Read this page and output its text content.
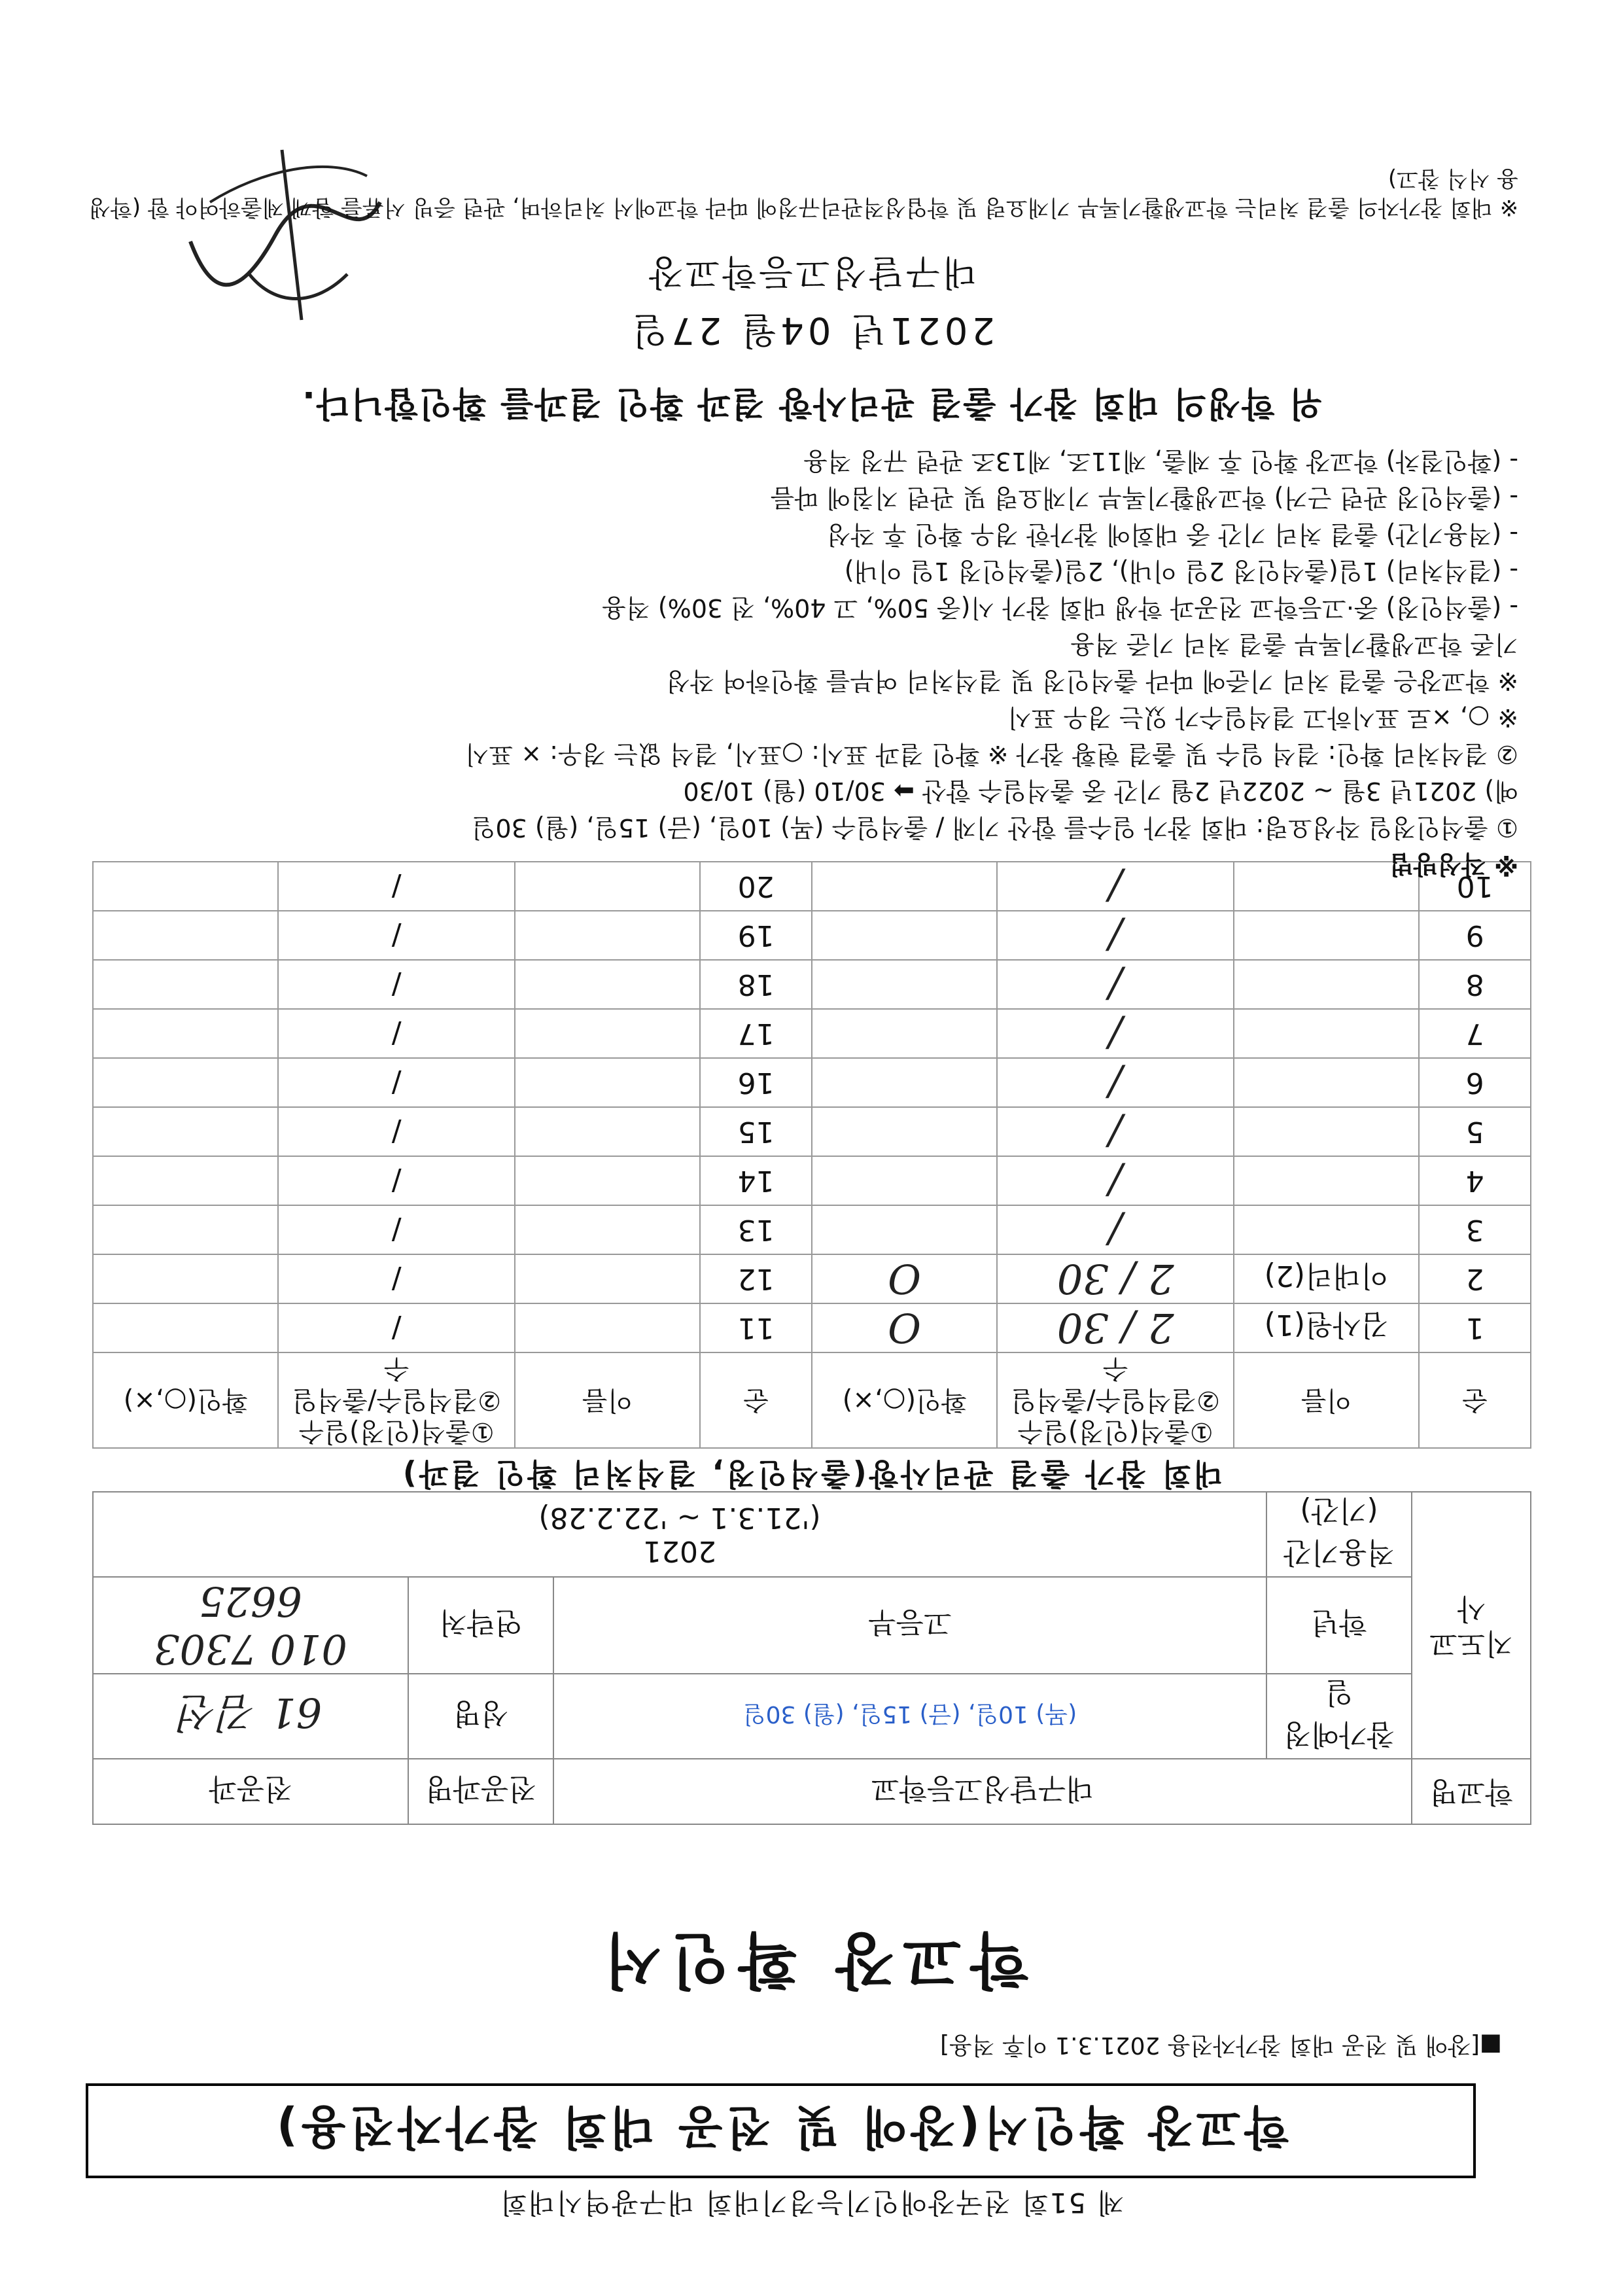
제 51회 전국장애인기능경기대회 대구광역시대회
학교장 확인서(장애 및 전공 대회 참가자전용)
■[장애 및 전공 대회 참가자전용 2021.3.1 이후 적용]
학교장 확인서
학교명	대구달성고등학교		전공과명	전공과
지도교사	참가예정일	(목) 10일, (금) 15일, (월) 30일	성명	61 김선
	학년	고등부	연락처	010 7303 6625
	적용기간 (기간)	2021
('21.3.1 ~ '22.2.28)		
대회 참가 출결 관리사항(출석인정, 결석처리 확인 결과)
순	이름	①출석(인정)일수 ②결석일수/출석일수	확인(○,×)	순	이름	①출석(인정)일수 ②결석일수/출석일수	확인(○,×)
1	김사원(1)	2 / 30	O	11		/	
2	이대리(2)	2 / 30	O	12		/	
3		/		13		/	
4		/		14		/	
5		/		15		/	
6		/		16		/	
7		/		17		/	
8		/		18		/	
9		/		19		/	
10		/		20		/	
※ 작성방법
① 출석인정일 작성요령: 대회 참가 일수를 합산 기재 / 출석일수 (목) 10일, (금) 15일, (월) 30일
예) 2021년 3월 ~ 2022년 2월 기간 중 출석일수 합산 ➡ 30/10 (월) 10/30
② 결석처리 확인: 결석 일수 및 출결 현황 참가 ※ 확인 결과 표시: ○표시, 결석 없는 경우: × 표시
※ ○, ×로 표시하고 결석일수가 있는 경우 표시
※ 학교장은 출결 처리 기준에 따라 출석인정 및 결석처리 여부를 확인하여 작성
기존 학교생활기록부 출결 처리 기준 적용
- (출석인정) 중·고등학교 전공과 학생 대회 참가 시(중 50%, 고 40%, 전 30%) 적용
- (결석처리) 1일(출석인정 2일 이내), 2일(출석인정 1일 이내)
- (적용기간) 출결 처리 기간 중 대회에 참가한 경우 확인 후 작성
- (출석인정 관련 근거) 학교생활기록부 기재요령 및 관련 지침에 따름
- (확인절차) 학교장 확인 후 제출, 제11조, 제13조 관련 규정 적용
위 학생의 대회 참가 출결 관리사항 결과 확인 결과를 확인합니다.
2021년 04월 27일
대구달성고등학교장
※ 대회 참가자의 출결 처리는 학교생활기록부 기재요령 및 학업성적관리규정에 따라 학교에서 처리하며, 관련 증빙 서류를 함께 제출하여야 함 (학생용 서식 참고)
